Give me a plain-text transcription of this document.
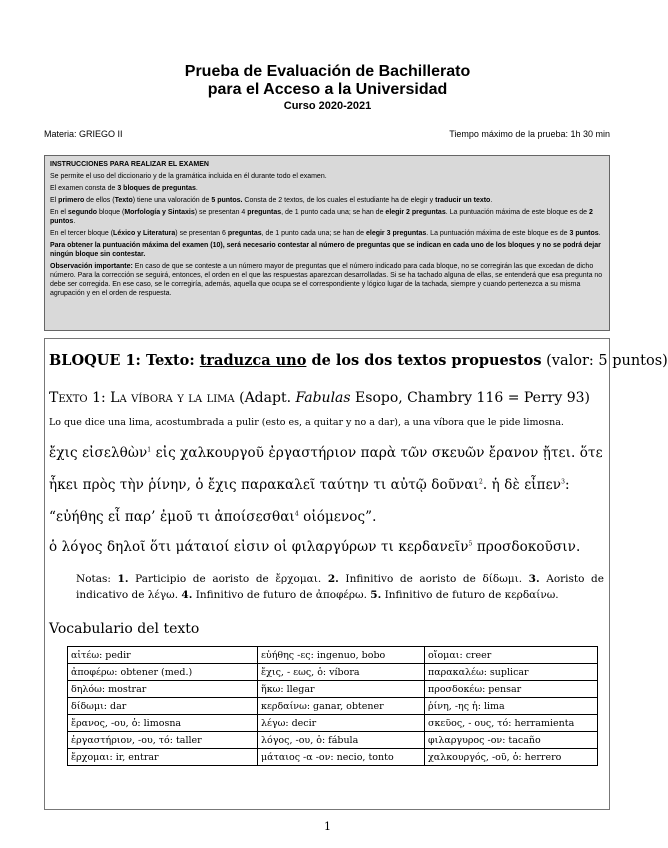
Prueba de Evaluación de Bachillerato
para el Acceso a la Universidad
Curso 2020-2021
Materia: GRIEGO II	Tiempo máximo de la prueba: 1h 30 min

INSTRUCCIONES PARA REALIZAR EL EXAMEN

Se permite el uso del diccionario y de la gramática incluida en él durante todo el examen.

El examen consta de 3 bloques de preguntas.

El primero de ellos (Texto) tiene una valoración de 5 puntos. Consta de 2 textos, de los cuales el estudiante ha de elegir y traducir un texto.

En el segundo bloque (Morfología y Sintaxis) se presentan 4 preguntas, de 1 punto cada una; se han de elegir 2 preguntas. La puntuación máxima de este bloque es de 2 puntos.

En el tercer bloque (Léxico y Literatura) se presentan 6 preguntas, de 1 punto cada una; se han de elegir 3 preguntas. La puntuación máxima de este bloque es de 3 puntos.

Para obtener la puntuación máxima del examen (10), será necesario contestar al número de preguntas que se indican en cada uno de los bloques y no se podrá dejar ningún bloque sin contestar.

Observación importante: En caso de que se conteste a un número mayor de preguntas que el número indicado para cada bloque, no se corregirán las que excedan de dicho número. Para la corrección se seguirá, entonces, el orden en el que las respuestas aparezcan desarrolladas. Si se ha tachado alguna de ellas, se entenderá que esa pregunta no debe ser corregida. En ese caso, se le corregiría, además, aquella que ocupa se el correspondiente y lógico lugar de la tachada, siempre y cuando pertenezca a su misma agrupación y en el orden de respuesta.

BLOQUE 1: Texto: traduzca uno de los dos textos propuestos (valor: 5 puntos)
Texto 1: La víbora y la lima (Adapt. Fabulas Esopo, Chambry 116 = Perry 93)
Lo que dice una lima, acostumbrada a pulir (esto es, a quitar y no a dar), a una víbora que le pide limosna.
ἔχις εἰσελθὼν$^1$ εἰς χαλκουργοῦ ἐργαστήριον παρὰ τῶν σκευῶν ἔρανον ᾔτει. ὅτε
ἧκει πρὸς τὴν ῥίνην, ὁ ἔχις παρακαλεῖ ταύτην τι αὐτῷ δοῦναι$^2$. ἡ δὲ εἶπεν$^3$:
“εὐήθης εἶ παρ’ ἐμοῦ τι ἀποίσεσθαι$^4$ οἰόμενος”.
ὁ λόγος δηλοῖ ὅτι μάταιοί εἰσιν οἱ φιλαργύρων τι κερδανεῖν$^5$ προσδοκοῦσιν.
Notas: 1. Participio de aoristo de ἔρχομαι. 2. Infinitivo de aoristo de δίδωμι. 3. Aoristo de indicativo de λέγω. 4. Infinitivo de futuro de ἀποφέρω. 5. Infinitivo de futuro de κερδαίνω.
Vocabulario del texto
αἰτέω: pedir	εὐήθης -ες: ingenuo, bobo	οἴομαι: creer
ἀποφέρω: obtener (med.)	ἔχις, - εως, ὁ: víbora	παρακαλέω: suplicar
δηλόω: mostrar	ἥκω: llegar	προσδοκέω: pensar
δίδωμι: dar	κερδαίνω: ganar, obtener	ῥίνη, -ης ἡ: lima
ἔρανος, -ου, ὁ: limosna	λέγω: decir	σκεῦος, - ους, τό: herramienta
ἐργαστήριον, -ου, τό: taller	λόγος, -ου, ὁ: fábula	φιλαργυρος -ον: tacaño
ἔρχομαι: ir, entrar	μάταιος -α -ον: necio, tonto	χαλκουργός, -οῦ, ὁ: herrero
1
